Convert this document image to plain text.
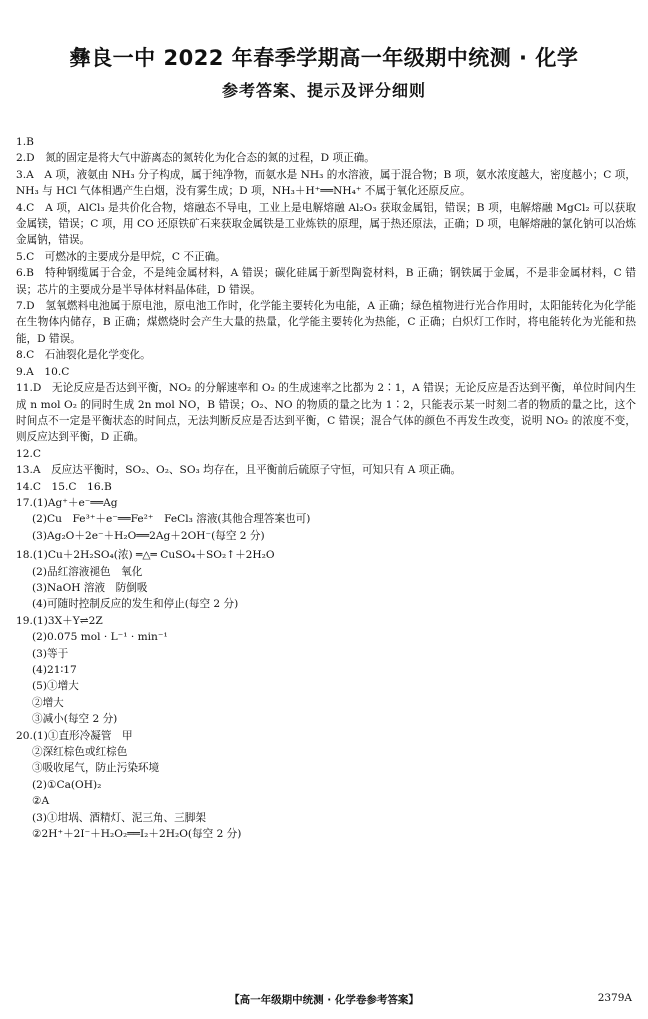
彝良一中 2022 年春季学期高一年级期中统测 · 化学
参考答案、提示及评分细则

1.B

2.D　氮的固定是将大气中游离态的氮转化为化合态的氮的过程，D 项正确。

3.A　A 项，液氨由 NH₃ 分子构成，属于纯净物，而氨水是 NH₃ 的水溶液，属于混合物；B 项，氨水浓度越大，密度越小；C 项，NH₃ 与 HCl 气体相遇产生白烟，没有雾生成；D 项，NH₃＋H⁺══NH₄⁺ 不属于氧化还原反应。

4.C　A 项，AlCl₃ 是共价化合物，熔融态不导电，工业上是电解熔融 Al₂O₃ 获取金属铝，错误；B 项，电解熔融 MgCl₂ 可以获取金属镁，错误；C 项，用 CO 还原铁矿石来获取金属铁是工业炼铁的原理，属于热还原法，正确；D 项，电解熔融的氯化钠可以冶炼金属钠，错误。

5.C　可燃冰的主要成分是甲烷，C 不正确。

6.B　特种钢缆属于合金，不是纯金属材料，A 错误；碳化硅属于新型陶瓷材料，B 正确；钢铁属于金属，不是非金属材料，C 错误；芯片的主要成分是半导体材料晶体硅，D 错误。

7.D　氢氧燃料电池属于原电池，原电池工作时，化学能主要转化为电能，A 正确；绿色植物进行光合作用时，太阳能转化为化学能在生物体内储存，B 正确；煤燃烧时会产生大量的热量，化学能主要转化为热能，C 正确；白炽灯工作时，将电能转化为光能和热能，D 错误。

8.C　石油裂化是化学变化。

9.A　10.C

11.D　无论反应是否达到平衡，NO₂ 的分解速率和 O₂ 的生成速率之比都为 2∶1，A 错误；无论反应是否达到平衡，单位时间内生成 n mol O₂ 的同时生成 2n mol NO，B 错误；O₂、NO 的物质的量之比为 1∶2，只能表示某一时刻二者的物质的量之比，这个时间点不一定是平衡状态的时间点，无法判断反应是否达到平衡，C 错误；混合气体的颜色不再发生改变，说明 NO₂ 的浓度不变，则反应达到平衡，D 正确。

12.C

13.A　反应达平衡时，SO₂、O₂、SO₃ 均存在，且平衡前后硫原子守恒，可知只有 A 项正确。

14.C　15.C　16.B

17.(1)Ag⁺＋e⁻══Ag

(2)Cu　Fe³⁺＋e⁻══Fe²⁺　FeCl₃ 溶液(其他合理答案也可)

(3)Ag₂O＋2e⁻＋H₂O══2Ag＋2OH⁻(每空 2 分)

18.(1)Cu＋2H₂SO₄(浓) ═△═ CuSO₄＋SO₂↑＋2H₂O

(2)品红溶液褪色　氧化

(3)NaOH 溶液　防倒吸

(4)可随时控制反应的发生和停止(每空 2 分)

19.(1)3X＋Y⇌2Z

(2)0.075 mol · L⁻¹ · min⁻¹

(3)等于

(4)21∶17

(5)①增大

②增大

③减小(每空 2 分)

20.(1)①直形冷凝管　甲

②深红棕色或红棕色

③吸收尾气，防止污染环境

(2)①Ca(OH)₂

②A

(3)①坩埚、酒精灯、泥三角、三脚架

②2H⁺＋2I⁻＋H₂O₂══I₂＋2H₂O(每空 2 分)

【高一年级期中统测 · 化学卷参考答案】	2379A
